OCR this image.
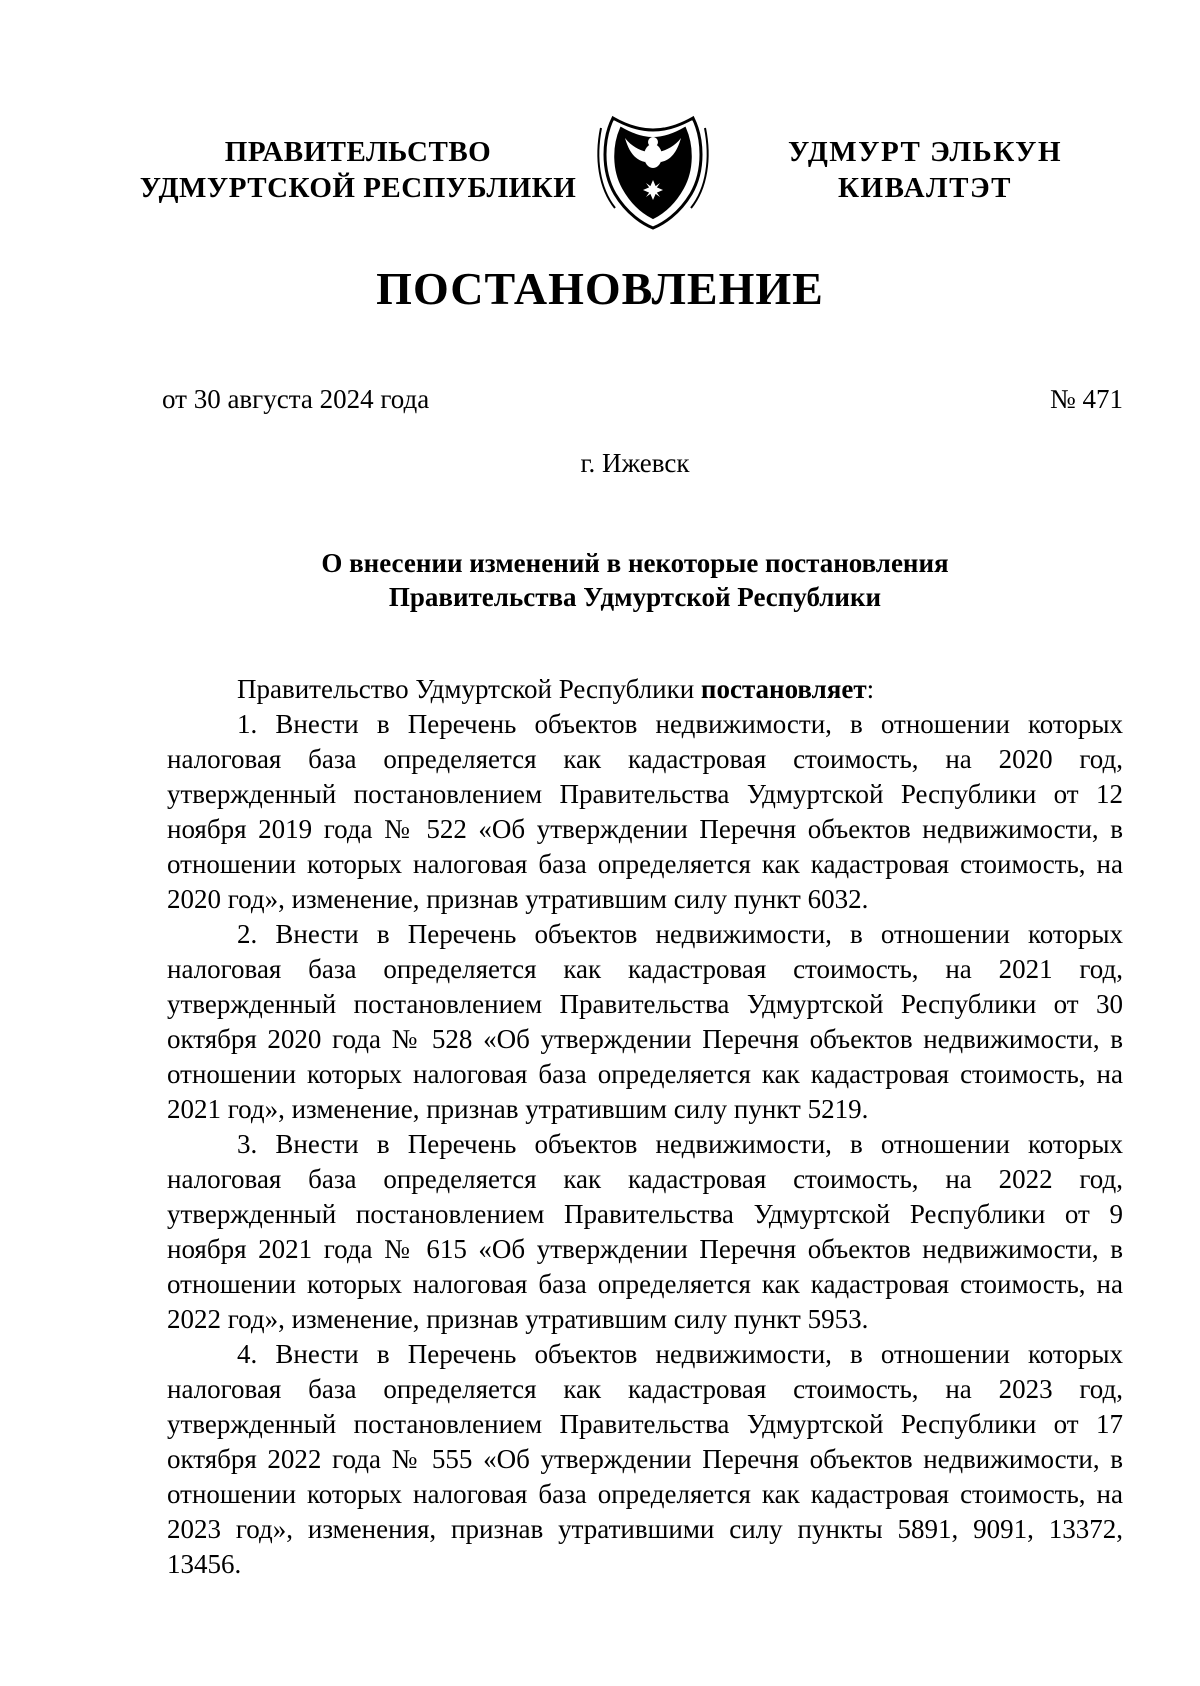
ПРАВИТЕЛЬСТВО
УДМУРТСКОЙ РЕСПУБЛИКИ
УДМУРТ ЭЛЬКУН
КИВАЛТЭТ
ПОСТАНОВЛЕНИЕ
от 30 августа 2024 года	№ 471
г. Ижевск
О внесении изменений в некоторые постановления
Правительства Удмуртской Республики

Правительство Удмуртской Республики постановляет:

1. Внести в Перечень объектов недвижимости, в отношении которых налоговая база определяется как кадастровая стоимость, на 2020 год, утвержденный постановлением Правительства Удмуртской Республики от 12 ноября 2019 года № 522 «Об утверждении Перечня объектов недвижимости, в отношении которых налоговая база определяется как кадастровая стоимость, на 2020 год», изменение, признав утратившим силу пункт 6032.

2. Внести в Перечень объектов недвижимости, в отношении которых налоговая база определяется как кадастровая стоимость, на 2021 год, утвержденный постановлением Правительства Удмуртской Республики от 30 октября 2020 года № 528 «Об утверждении Перечня объектов недвижимости, в отношении которых налоговая база определяется как кадастровая стоимость, на 2021 год», изменение, признав утратившим силу пункт 5219.

3. Внести в Перечень объектов недвижимости, в отношении которых налоговая база определяется как кадастровая стоимость, на 2022 год, утвержденный постановлением Правительства Удмуртской Республики от 9 ноября 2021 года № 615 «Об утверждении Перечня объектов недвижимости, в отношении которых налоговая база определяется как кадастровая стоимость, на 2022 год», изменение, признав утратившим силу пункт 5953.

4. Внести в Перечень объектов недвижимости, в отношении которых налоговая база определяется как кадастровая стоимость, на 2023 год, утвержденный постановлением Правительства Удмуртской Республики от 17 октября 2022 года № 555 «Об утверждении Перечня объектов недвижимости, в отношении которых налоговая база определяется как кадастровая стоимость, на 2023 год», изменения, признав утратившими силу пункты 5891, 9091, 13372, 13456.
